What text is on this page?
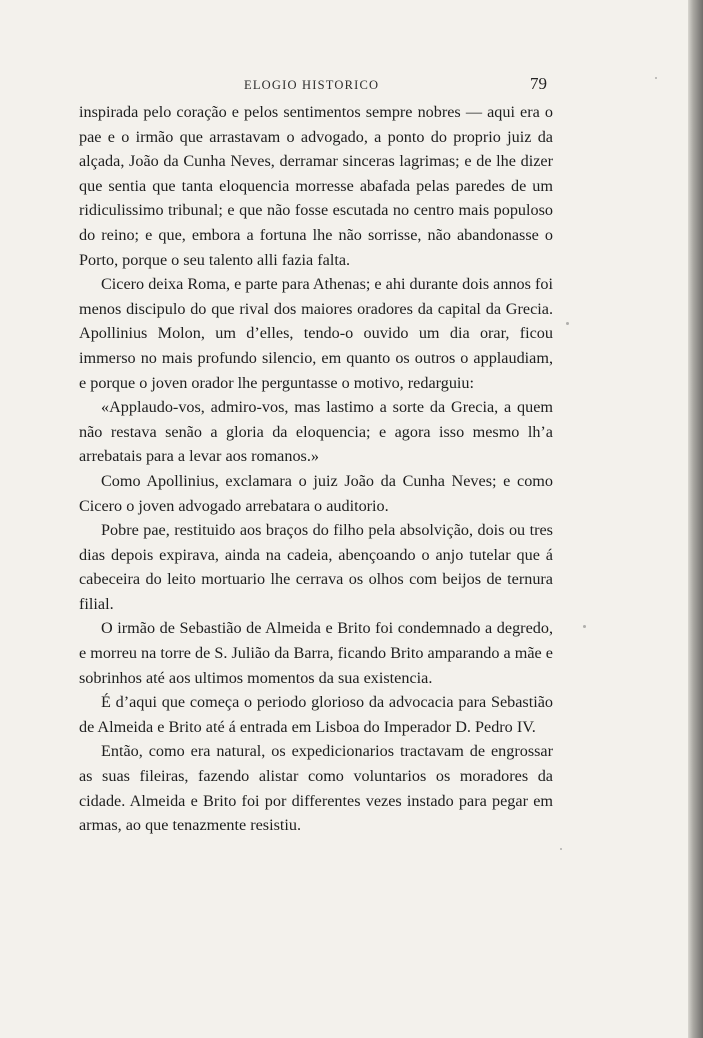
ELOGIO HISTORICO	79

inspirada pelo coração e pelos sentimentos sempre nobres — aqui era o pae e o irmão que arrastavam o advogado, a ponto do proprio juiz da alçada, João da Cunha Neves, derramar sinceras lagrimas; e de lhe dizer que sentia que tanta eloquencia morresse abafada pelas paredes de um ridiculissimo tribunal; e que não fosse escutada no centro mais populoso do reino; e que, embora a fortuna lhe não sorrisse, não abandonasse o Porto, porque o seu talento alli fazia falta.

Cicero deixa Roma, e parte para Athenas; e ahi durante dois annos foi menos discipulo do que rival dos maiores oradores da capital da Grecia. Apollinius Molon, um d’elles, tendo-o ouvido um dia orar, ficou immerso no mais profundo silencio, em quanto os outros o applaudiam, e porque o joven orador lhe perguntasse o motivo, redarguiu:

«Applaudo-vos, admiro-vos, mas lastimo a sorte da Grecia, a quem não restava senão a gloria da eloquencia; e agora isso mesmo lh’a arrebatais para a levar aos romanos.»

Como Apollinius, exclamara o juiz João da Cunha Neves; e como Cicero o joven advogado arrebatara o auditorio.

Pobre pae, restituido aos braços do filho pela absolvição, dois ou tres dias depois expirava, ainda na cadeia, abençoando o anjo tutelar que á cabeceira do leito mortuario lhe cerrava os olhos com beijos de ternura filial.

O irmão de Sebastião de Almeida e Brito foi condemnado a degredo, e morreu na torre de S. Julião da Barra, ficando Brito amparando a mãe e sobrinhos até aos ultimos momentos da sua existencia.

É d’aqui que começa o periodo glorioso da advocacia para Sebastião de Almeida e Brito até á entrada em Lisboa do Imperador D. Pedro IV.

Então, como era natural, os expedicionarios tractavam de engrossar as suas fileiras, fazendo alistar como voluntarios os moradores da cidade. Almeida e Brito foi por differentes vezes instado para pegar em armas, ao que tenazmente resistiu.
